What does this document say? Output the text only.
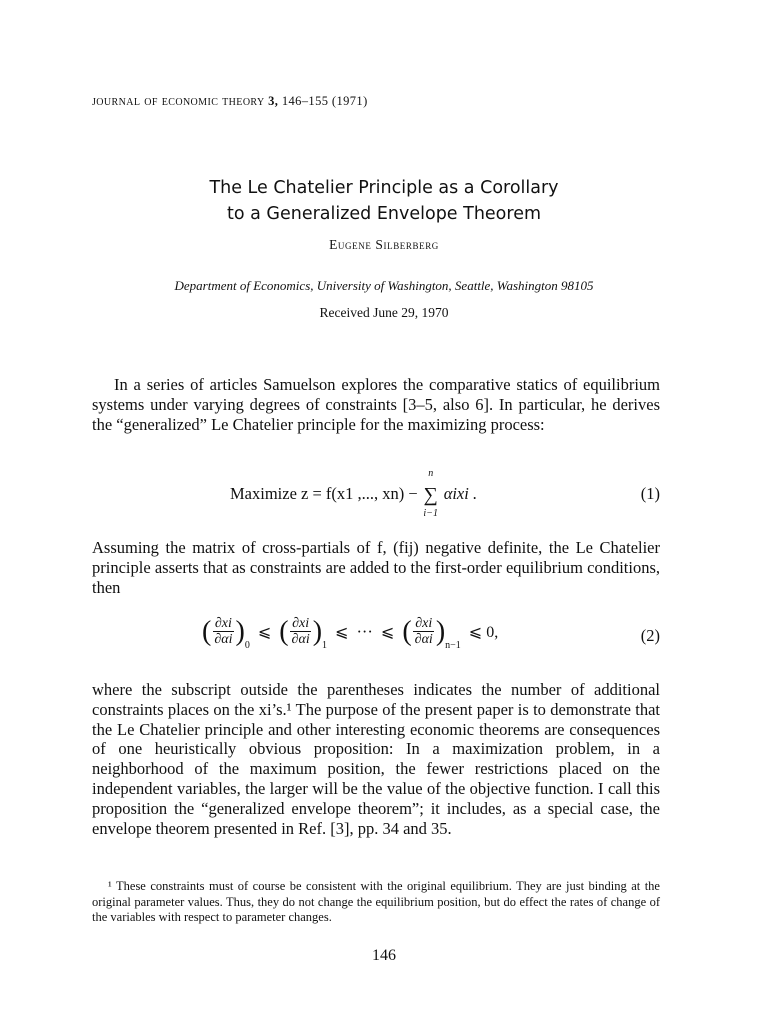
journal of economic theory 3, 146–155 (1971)
The Le Chatelier Principle as a Corollary
to a Generalized Envelope Theorem
Eugene Silberberg
Department of Economics, University of Washington, Seattle, Washington 98105
Received June 29, 1970
In a series of articles Samuelson explores the comparative statics of equilibrium systems under varying degrees of constraints [3–5, also 6]. In particular, he derives the “generalized” Le Chatelier principle for the maximizing process:
Maximize z = f(x1 ,..., xn) −
n
∑
i−1
αixi .	(1)
Assuming the matrix of cross-partials of f, (fij) negative definite, the Le Chatelier principle asserts that as constraints are added to the first-order equilibrium conditions, then
( $\frac{\partial xi}{\partial\alpha i}$ ) 0
⩽ ( $\frac{\partial xi}{\partial\alpha i}$ ) 1
⩽ ··· ⩽ ( $\frac{\partial xi}{\partial\alpha i}$ ) n−1
⩽ 0,	(2)
where the subscript outside the parentheses indicates the number of additional constraints places on the xi’s.¹ The purpose of the present paper is to demonstrate that the Le Chatelier principle and other interesting economic theorems are consequences of one heuristically obvious proposition: In a maximization problem, in a neighborhood of the maximum position, the fewer restrictions placed on the independent variables, the larger will be the value of the objective function. I call this proposition the “generalized envelope theorem”; it includes, as a special case, the envelope theorem presented in Ref. [3], pp. 34 and 35.
¹ These constraints must of course be consistent with the original equilibrium. They are just binding at the original parameter values. Thus, they do not change the equilibrium position, but do effect the rates of change of the variables with respect to parameter changes.
146
